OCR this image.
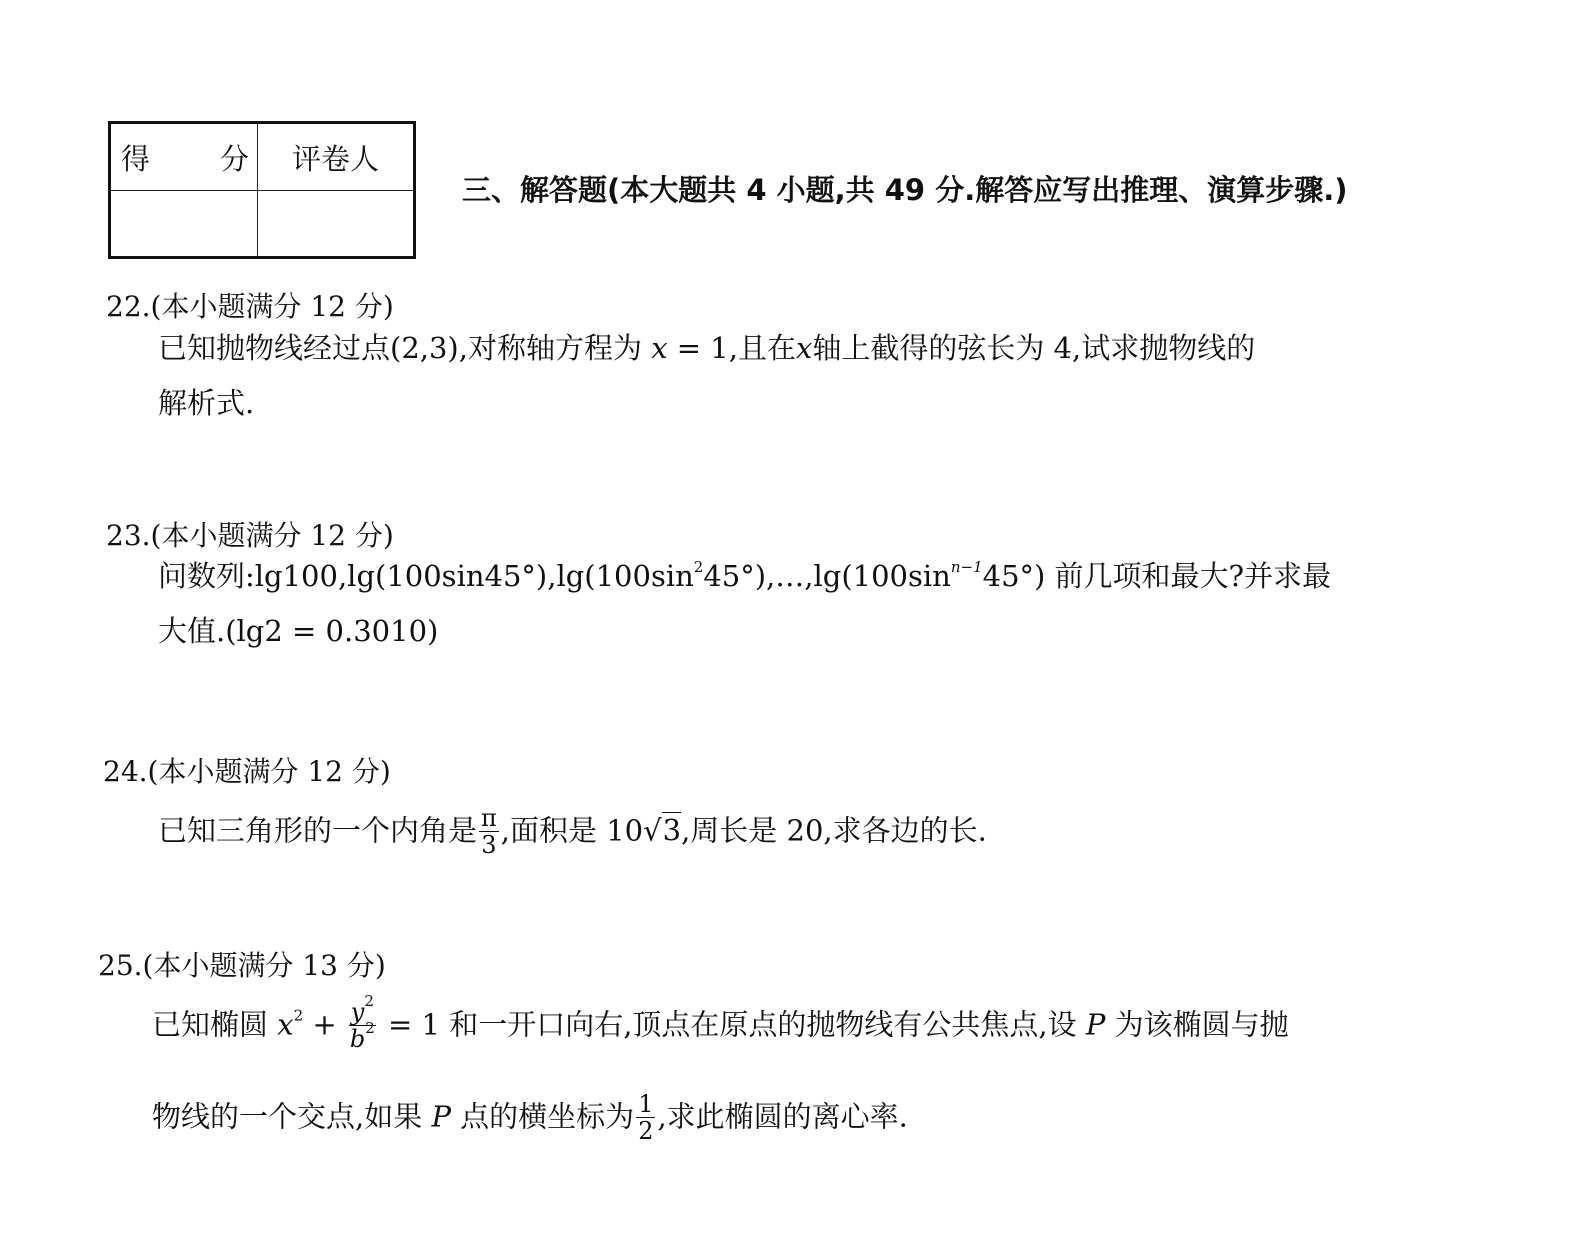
得 分	评卷人

三、解答题(本大题共 4 小题,共 49 分.解答应写出推理、演算步骤.)
22.(本小题满分 12 分)
已知抛物线经过点(2,3),对称轴方程为 x = 1,且在x轴上截得的弦长为 4,试求抛物线的
解析式.
23.(本小题满分 12 分)
问数列$:\lg 100,\lg(100\sin 45^\circ),\lg(100\sin^245^\circ),\dots,\lg(100\sin^{n-1}45^\circ)$ 前几项和最大?并求最
大值.(lg2 = 0.3010)
24.(本小题满分 12 分)
已知三角形的一个内角是 $\frac{\pi}{3}$ ,面积是 10√3,周长是 20,求各边的长.
25.(本小题满分 13 分)
已知椭圆 $x^2 + \frac{y^2}{b^2} = 1$ 和一开口向右,顶点在原点的抛物线有公共焦点,设 P 为该椭圆与抛
物线的一个交点,如果 P 点的横坐标为 $\frac{1}{2}$ ,求此椭圆的离心率.
